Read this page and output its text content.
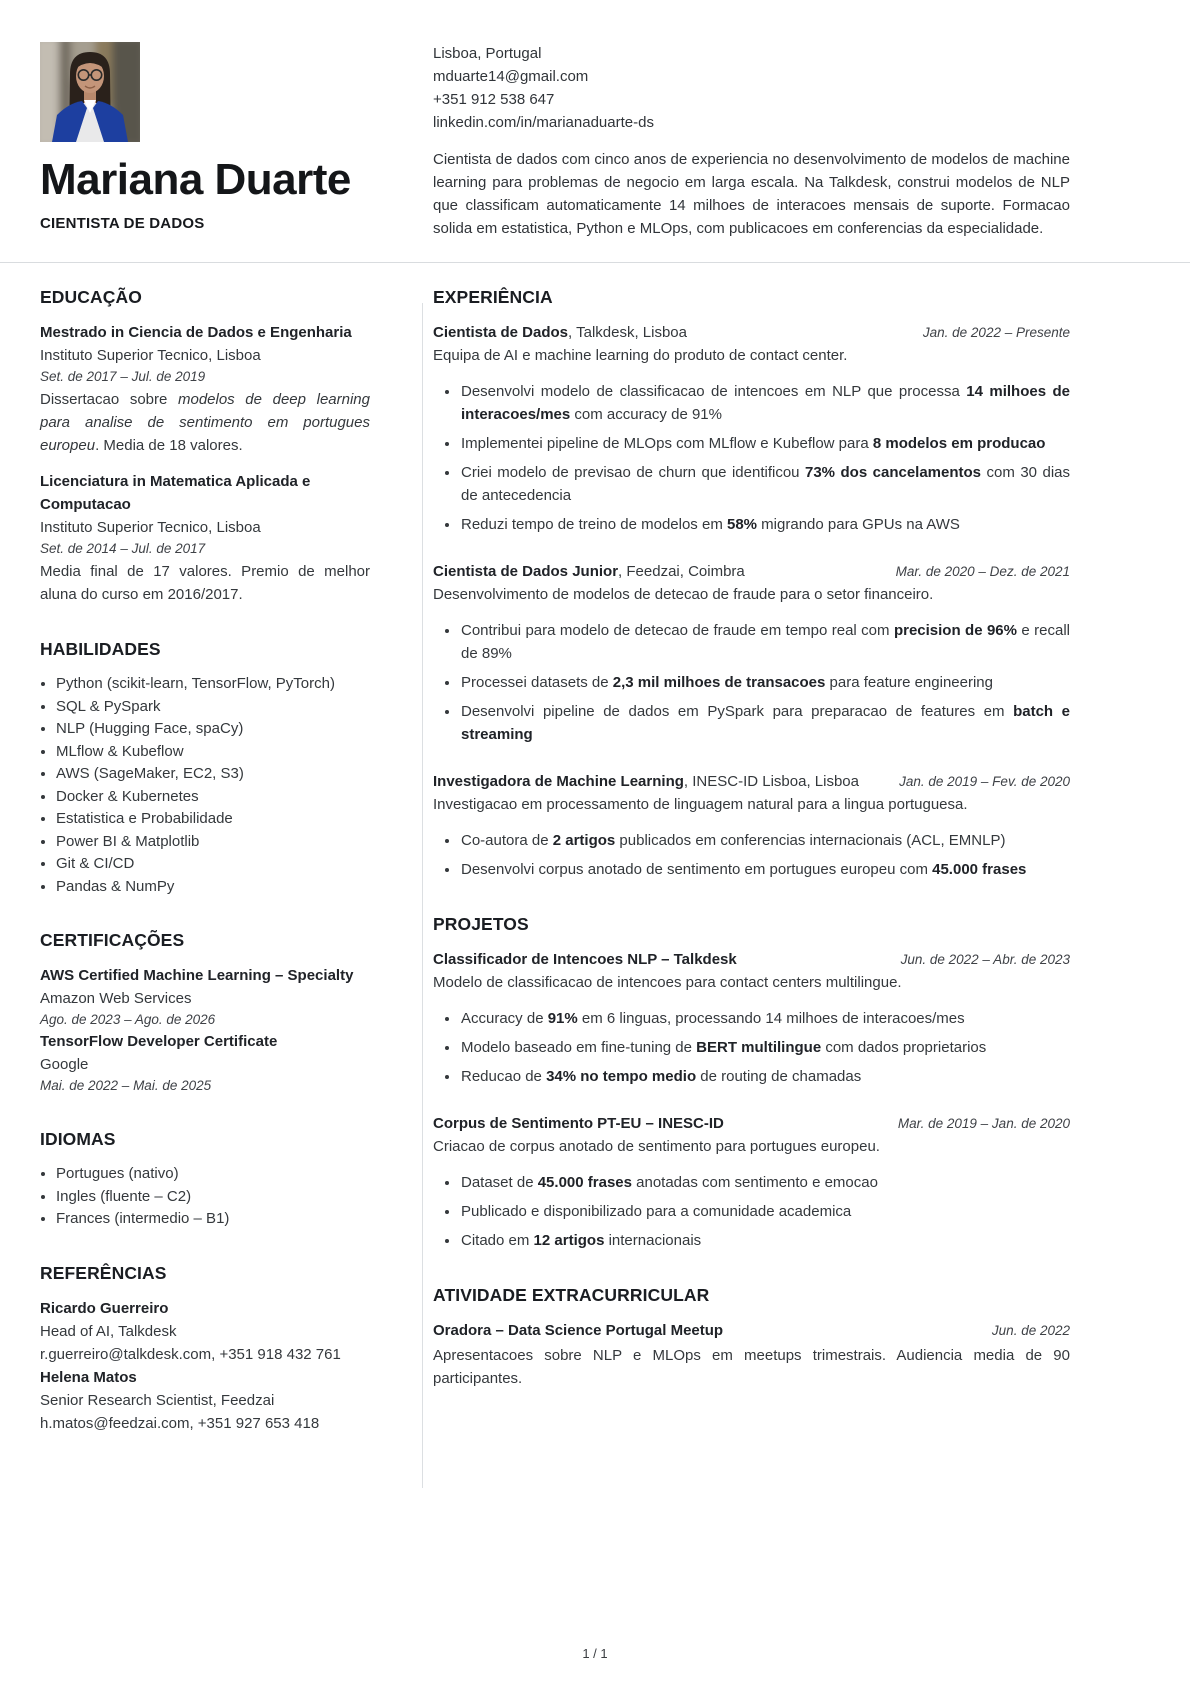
Mariana Duarte
CIENTISTA DE DADOS
Lisboa, Portugal
mduarte14@gmail.com
+351 912 538 647
linkedin.com/in/marianaduarte-ds
Cientista de dados com cinco anos de experiencia no desenvolvimento de modelos de machine learning para problemas de negocio em larga escala. Na Talkdesk, construi modelos de NLP que classificam automaticamente 14 milhoes de interacoes mensais de suporte. Formacao solida em estatistica, Python e MLOps, com publicacoes em conferencias da especialidade.
EDUCAÇÃO
Mestrado in Ciencia de Dados e Engenharia
Instituto Superior Tecnico, Lisboa
Set. de 2017 – Jul. de 2019
Dissertacao sobre modelos de deep learning para analise de sentimento em portugues europeu. Media de 18 valores.
Licenciatura in Matematica Aplicada e Computacao
Instituto Superior Tecnico, Lisboa
Set. de 2014 – Jul. de 2017
Media final de 17 valores. Premio de melhor aluna do curso em 2016/2017.
HABILIDADES
• Python (scikit-learn, TensorFlow, PyTorch)
• SQL & PySpark
• NLP (Hugging Face, spaCy)
• MLflow & Kubeflow
• AWS (SageMaker, EC2, S3)
• Docker & Kubernetes
• Estatistica e Probabilidade
• Power BI & Matplotlib
• Git & CI/CD
• Pandas & NumPy
CERTIFICAÇÕES
AWS Certified Machine Learning – Specialty
Amazon Web Services
Ago. de 2023 – Ago. de 2026
TensorFlow Developer Certificate
Google
Mai. de 2022 – Mai. de 2025
IDIOMAS
• Portugues (nativo)
• Ingles (fluente – C2)
• Frances (intermedio – B1)
REFERÊNCIAS
Ricardo Guerreiro
Head of AI, Talkdesk
r.guerreiro@talkdesk.com, +351 918 432 761
Helena Matos
Senior Research Scientist, Feedzai
h.matos@feedzai.com, +351 927 653 418
EXPERIÊNCIA
Cientista de Dados, Talkdesk, Lisboa	Jan. de 2022 – Presente
Equipa de AI e machine learning do produto de contact center.
• Desenvolvi modelo de classificacao de intencoes em NLP que processa 14 milhoes de interacoes/mes com accuracy de 91%
• Implementei pipeline de MLOps com MLflow e Kubeflow para 8 modelos em producao
• Criei modelo de previsao de churn que identificou 73% dos cancelamentos com 30 dias de antecedencia
• Reduzi tempo de treino de modelos em 58% migrando para GPUs na AWS
Cientista de Dados Junior, Feedzai, Coimbra	Mar. de 2020 – Dez. de 2021
Desenvolvimento de modelos de detecao de fraude para o setor financeiro.
• Contribui para modelo de detecao de fraude em tempo real com precision de 96% e recall de 89%
• Processei datasets de 2,3 mil milhoes de transacoes para feature engineering
• Desenvolvi pipeline de dados em PySpark para preparacao de features em batch e streaming
Investigadora de Machine Learning, INESC-ID Lisboa, Lisboa	Jan. de 2019 – Fev. de 2020
Investigacao em processamento de linguagem natural para a lingua portuguesa.
• Co-autora de 2 artigos publicados em conferencias internacionais (ACL, EMNLP)
• Desenvolvi corpus anotado de sentimento em portugues europeu com 45.000 frases
PROJETOS
Classificador de Intencoes NLP – Talkdesk	Jun. de 2022 – Abr. de 2023
Modelo de classificacao de intencoes para contact centers multilingue.
• Accuracy de 91% em 6 linguas, processando 14 milhoes de interacoes/mes
• Modelo baseado em fine-tuning de BERT multilingue com dados proprietarios
• Reducao de 34% no tempo medio de routing de chamadas
Corpus de Sentimento PT-EU – INESC-ID	Mar. de 2019 – Jan. de 2020
Criacao de corpus anotado de sentimento para portugues europeu.
• Dataset de 45.000 frases anotadas com sentimento e emocao
• Publicado e disponibilizado para a comunidade academica
• Citado em 12 artigos internacionais
ATIVIDADE EXTRACURRICULAR
Oradora – Data Science Portugal Meetup	Jun. de 2022
Apresentacoes sobre NLP e MLOps em meetups trimestrais. Audiencia media de 90 participantes.
1 / 1
